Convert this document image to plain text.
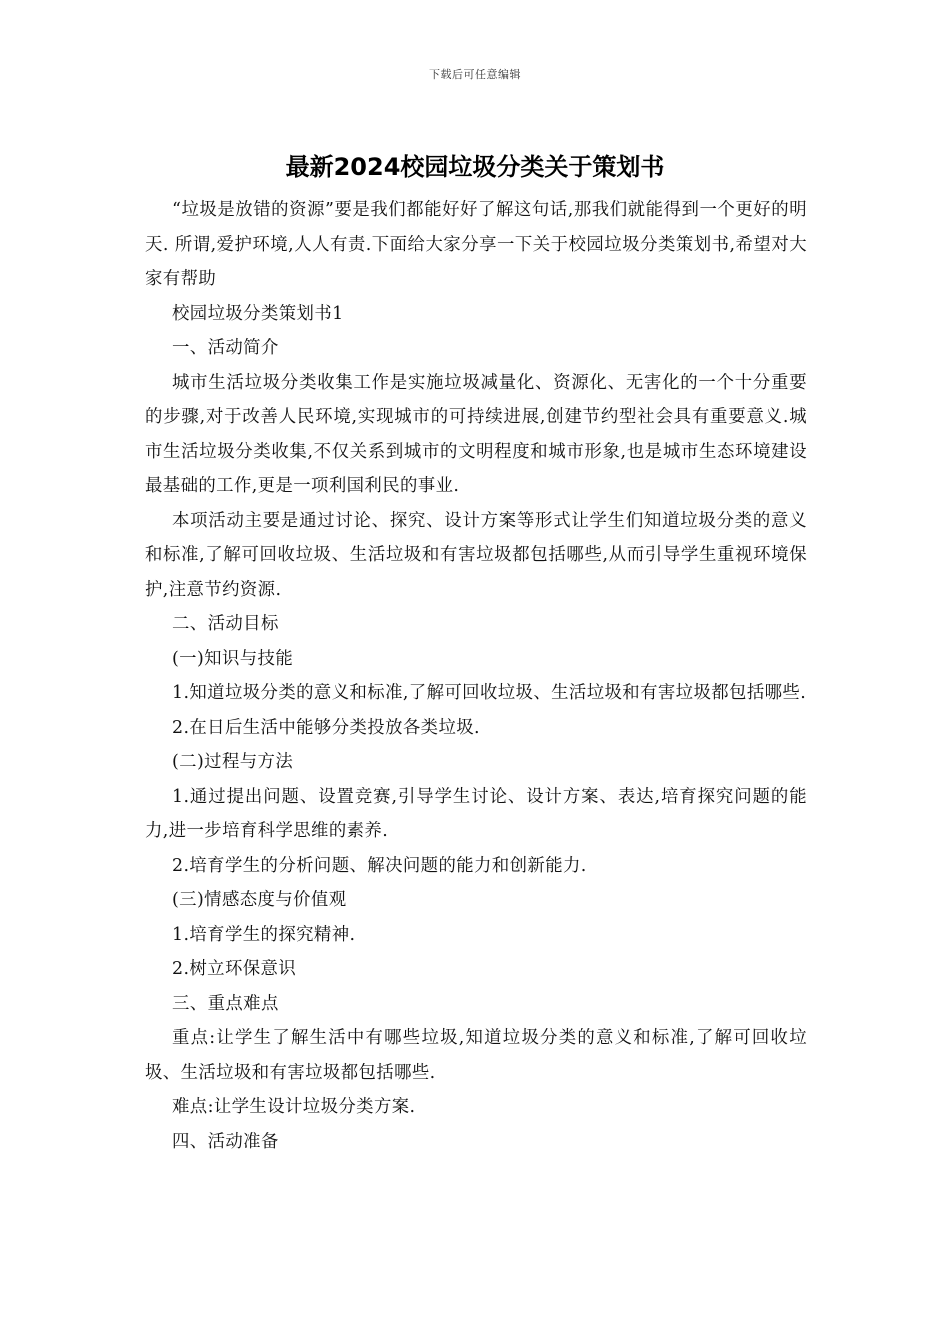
下载后可任意编辑
最新2024校园垃圾分类关于策划书

“垃圾是放错的资源”要是我们都能好好了解这句话,那我们就能得到一个更好的明天. 所谓,爱护环境,人人有责.下面给大家分享一下关于校园垃圾分类策划书,希望对大家有帮助

校园垃圾分类策划书1

一、活动简介

城市生活垃圾分类收集工作是实施垃圾减量化、资源化、无害化的一个十分重要的步骤,对于改善人民环境,实现城市的可持续进展,创建节约型社会具有重要意义.城市生活垃圾分类收集,不仅关系到城市的文明程度和城市形象,也是城市生态环境建设最基础的工作,更是一项利国利民的事业.

本项活动主要是通过讨论、探究、设计方案等形式让学生们知道垃圾分类的意义和标准,了解可回收垃圾、生活垃圾和有害垃圾都包括哪些,从而引导学生重视环境保护,注意节约资源.

二、活动目标

(一)知识与技能

1.知道垃圾分类的意义和标准,了解可回收垃圾、生活垃圾和有害垃圾都包括哪些.

2.在日后生活中能够分类投放各类垃圾.

(二)过程与方法

1.通过提出问题、设置竞赛,引导学生讨论、设计方案、表达,培育探究问题的能力,进一步培育科学思维的素养.

2.培育学生的分析问题、解决问题的能力和创新能力.

(三)情感态度与价值观

1.培育学生的探究精神.

2.树立环保意识

三、重点难点

重点:让学生了解生活中有哪些垃圾,知道垃圾分类的意义和标准,了解可回收垃圾、生活垃圾和有害垃圾都包括哪些.

难点:让学生设计垃圾分类方案.

四、活动准备
